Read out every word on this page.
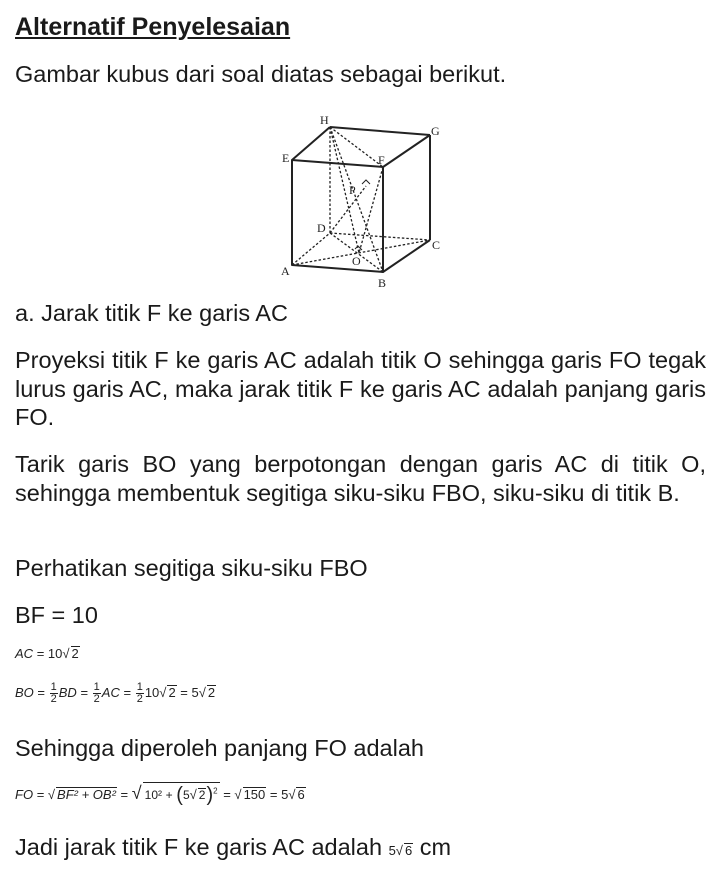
Alternatif Penyelesaian
Gambar kubus dari soal diatas sebagai berikut.
H
G
E	F
P
D
C
O
A
B
a. Jarak titik F ke garis AC
Proyeksi titik F ke garis AC adalah titik O sehingga garis FO tegak lurus garis AC, maka jarak titik F ke garis AC adalah panjang garis FO.
Tarik garis BO yang berpotongan dengan garis AC di titik O, sehingga membentuk segitiga siku-siku FBO, siku-siku di titik B.
Perhatikan segitiga siku-siku FBO
BF = 10
AC = 10√ 2
BO = $\frac{1}{2}$ BD = $\frac{1}{2}$ AC = $\frac{1}{2} 10√$ 2 = 5√ 2
Sehingga diperoleh panjang FO adalah
FO = √ BF² + OB² = √ 10² + (5√ 2)$^2$ = √ 150 = 5√ 6
Jadi jarak titik F ke garis AC adalah 5√ 6 cm
